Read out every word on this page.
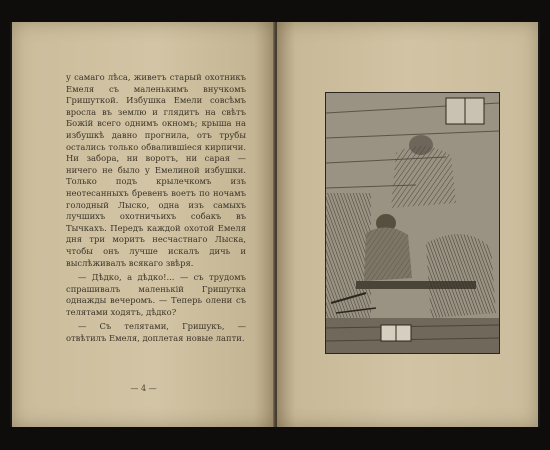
у самаго лѣса, живетъ старый охотникъ Емеля съ маленькимъ внучкомъ Гришуткой. Избушка Емели совсѣмъ вросла въ землю и глядитъ на свѣтъ Божій всего однимъ окномъ; крыша на избушкѣ давно прогнила, отъ трубы остались только обвалившіеся кирпичи. Ни забора, ни воротъ, ни сарая — ничего не было у Емелиной избушки. Только подъ крылечкомъ изъ неотесанныхъ бревенъ воетъ по ночамъ голодный Лыско, одна изъ самыхъ лучшихъ охотничьихъ собакъ въ Тычкахъ. Передъ каждой охотой Емеля дня три моритъ несчастнаго Лыска, чтобы онъ лучше искалъ дичь и выслѣживалъ всякаго звѣря.

— Дѣдко, а дѣдко!... — съ трудомъ спрашивалъ маленькій Гришутка однажды вечеромъ. — Теперь олени съ телятами ходятъ, дѣдко?

— Съ телятами, Гришукъ, — отвѣтилъ Емеля, доплетая новые лапти.

— 4 —
